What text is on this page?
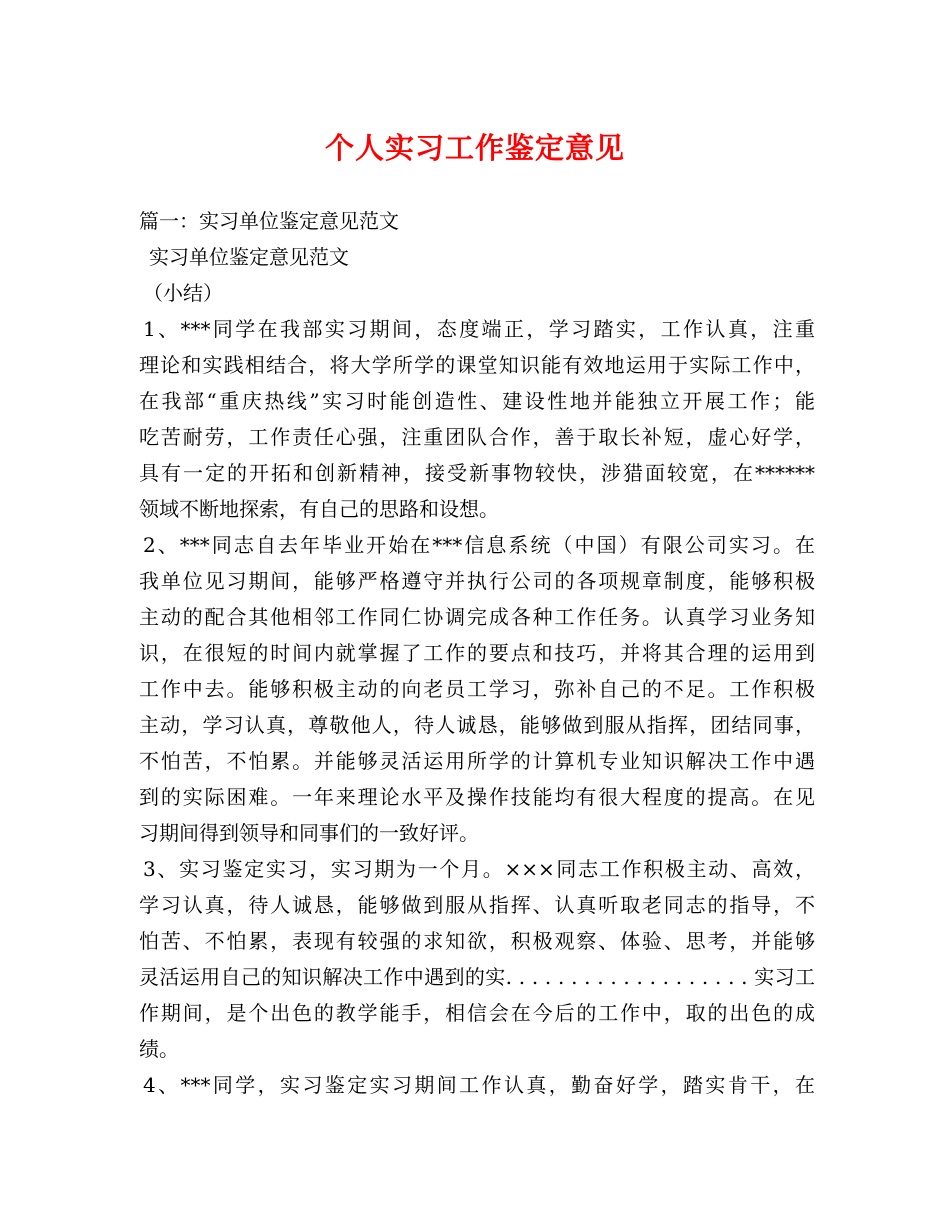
个人实习工作鉴定意见
篇一：实习单位鉴定意见范文
实习单位鉴定意见范文
（小结）
1、***同学在我部实习期间，态度端正，学习踏实，工作认真，注重
理论和实践相结合，将大学所学的课堂知识能有效地运用于实际工作中，
在我部“重庆热线”实习时能创造性、建设性地并能独立开展工作；能
吃苦耐劳，工作责任心强，注重团队合作，善于取长补短，虚心好学，
具有一定的开拓和创新精神，接受新事物较快，涉猎面较宽，在******
领域不断地探索，有自己的思路和设想。
2、***同志自去年毕业开始在***信息系统（中国）有限公司实习。在
我单位见习期间，能够严格遵守并执行公司的各项规章制度，能够积极
主动的配合其他相邻工作同仁协调完成各种工作任务。认真学习业务知
识，在很短的时间内就掌握了工作的要点和技巧，并将其合理的运用到
工作中去。能够积极主动的向老员工学习，弥补自己的不足。工作积极
主动，学习认真，尊敬他人，待人诚恳，能够做到服从指挥，团结同事，
不怕苦，不怕累。并能够灵活运用所学的计算机专业知识解决工作中遇
到的实际困难。一年来理论水平及操作技能均有很大程度的提高。在见
习期间得到领导和同事们的一致好评。
3、实习鉴定实习，实习期为一个月。×××同志工作积极主动、高效，
学习认真，待人诚恳，能够做到服从指挥、认真听取老同志的指导，不
怕苦、不怕累，表现有较强的求知欲，积极观察、体验、思考，并能够
灵活运用自己的知识解决工作中遇到的实. . . . . . . . . . . . . . . . . . . 实习工
作期间，是个出色的教学能手，相信会在今后的工作中，取的出色的成
绩。
4、***同学，实习鉴定实习期间工作认真，勤奋好学，踏实肯干，在
